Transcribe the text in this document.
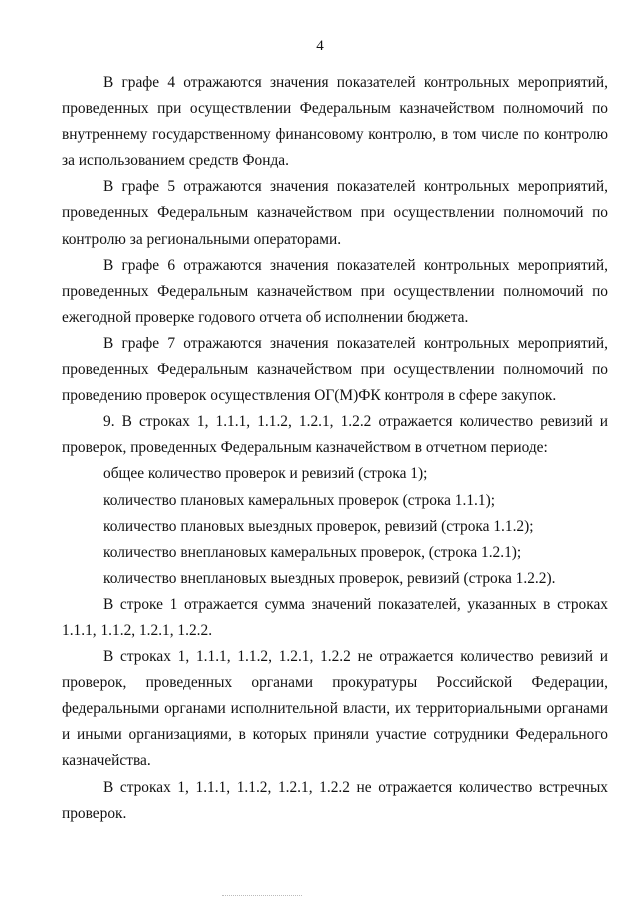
4

В графе 4 отражаются значения показателей контрольных мероприятий, проведенных при осуществлении Федеральным казначейством полномочий по внутреннему государственному финансовому контролю, в том числе по контролю за использованием средств Фонда.

В графе 5 отражаются значения показателей контрольных мероприятий, проведенных Федеральным казначейством при осуществлении полномочий по контролю за региональными операторами.

В графе 6 отражаются значения показателей контрольных мероприятий, проведенных Федеральным казначейством при осуществлении полномочий по ежегодной проверке годового отчета об исполнении бюджета.

В графе 7 отражаются значения показателей контрольных мероприятий, проведенных Федеральным казначейством при осуществлении полномочий по проведению проверок осуществления ОГ(М)ФК контроля в сфере закупок.

9. В строках 1, 1.1.1, 1.1.2, 1.2.1, 1.2.2 отражается количество ревизий и проверок, проведенных Федеральным казначейством в отчетном периоде:

общее количество проверок и ревизий (строка 1);

количество плановых камеральных проверок (строка 1.1.1);

количество плановых выездных проверок, ревизий (строка 1.1.2);

количество внеплановых камеральных проверок, (строка 1.2.1);

количество внеплановых выездных проверок, ревизий (строка 1.2.2).

В строке 1 отражается сумма значений показателей, указанных в строках 1.1.1, 1.1.2, 1.2.1, 1.2.2.

В строках 1, 1.1.1, 1.1.2, 1.2.1, 1.2.2 не отражается количество ревизий и проверок, проведенных органами прокуратуры Российской Федерации, федеральными органами исполнительной власти, их территориальными органами и иными организациями, в которых приняли участие сотрудники Федерального казначейства.

В строках 1, 1.1.1, 1.1.2, 1.2.1, 1.2.2 не отражается количество встречных проверок.
